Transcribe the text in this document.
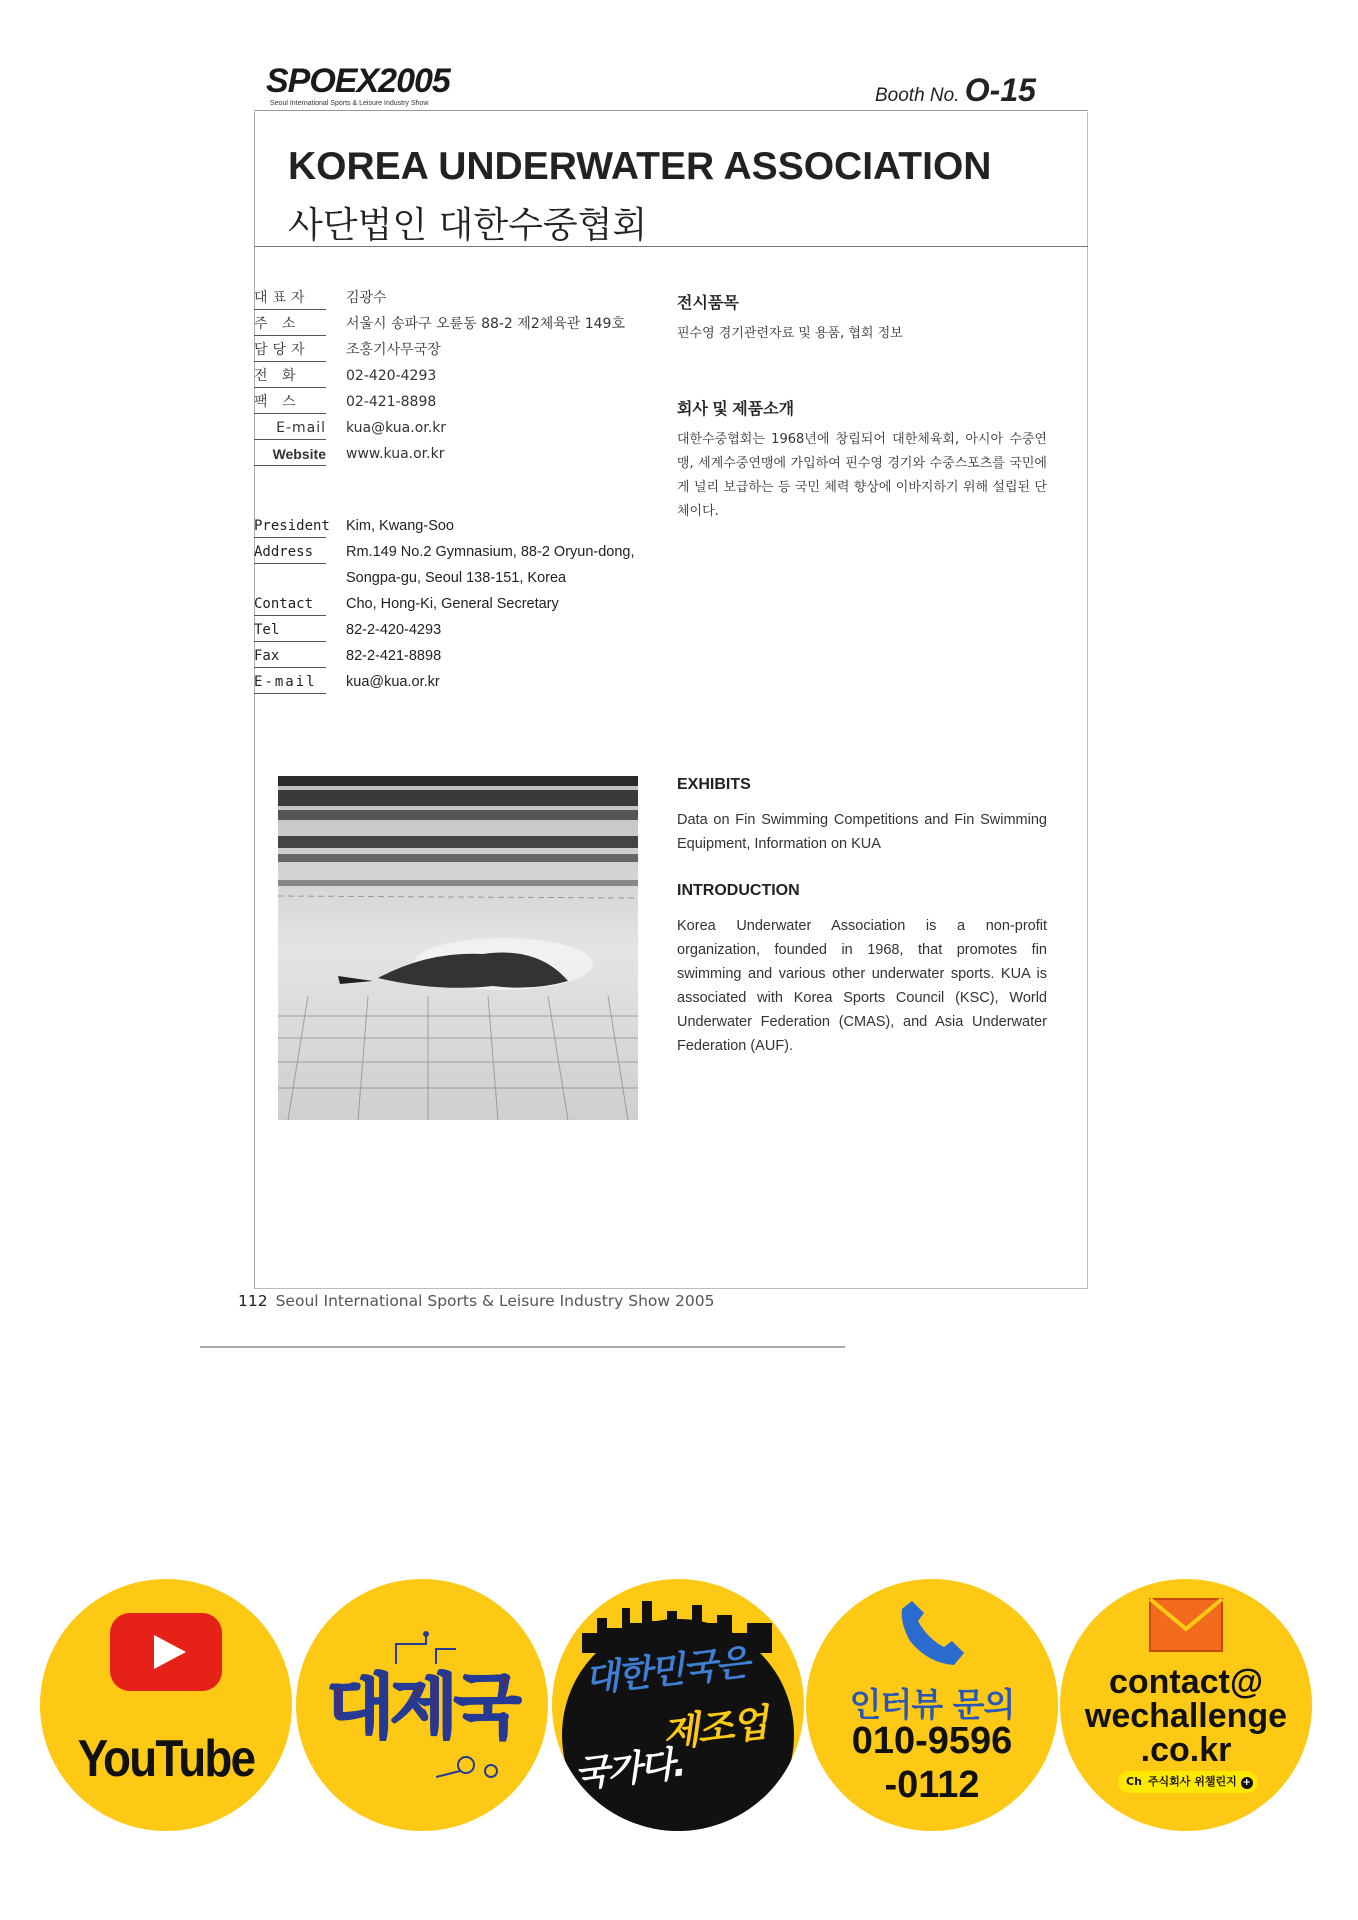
SPOEX2005
Seoul International Sports & Leisure Industry Show	Booth No. O-15
KOREA UNDERWATER ASSOCIATION
사단법인 대한수중협회
대표자	김광수
주 소	서울시 송파구 오륜동 88-2 제2체육관 149호
담당자	조홍기사무국장
전 화	02-420-4293
팩 스	02-421-8898
E-mail kua@kua.or.kr
Website www.kua.or.kr
President Kim, Kwang-Soo
Address	Rm.149 No.2 Gymnasium, 88-2 Oryun-dong,
Songpa-gu, Seoul 138-151, Korea
Contact	Cho, Hong-Ki, General Secretary
Tel	82-2-420-4293
Fax	82-2-421-8898
E-mail	kua@kua.or.kr
전시품목
핀수영 경기관련자료 및 용품, 협회 정보
회사 및 제품소개
대한수중협회는 1968년에 창립되어 대한체육회, 아시아 수중연맹, 세계수중연맹에 가입하여 핀수영 경기와 수중스포츠를 국민에게 널리 보급하는 등 국민 체력 향상에 이바지하기 위해 설립된 단체이다.
EXHIBITS
Data on Fin Swimming Competitions and Fin Swimming Equipment, Information on KUA
INTRODUCTION
Korea Underwater Association is a non-profit organization, founded in 1968, that promotes fin swimming and various other underwater sports. KUA is associated with Korea Sports Council (KSC), World Underwater Federation (CMAS), and Asia Underwater Federation (AUF).
112 Seoul International Sports & Leisure Industry Show 2005
YouTube
대제국	대한민국은
제조업
국가다.
인터뷰 문의
010-9596
-0112
contact@
wechallenge
.co.kr
Ch 주식회사 위챌린지 +
